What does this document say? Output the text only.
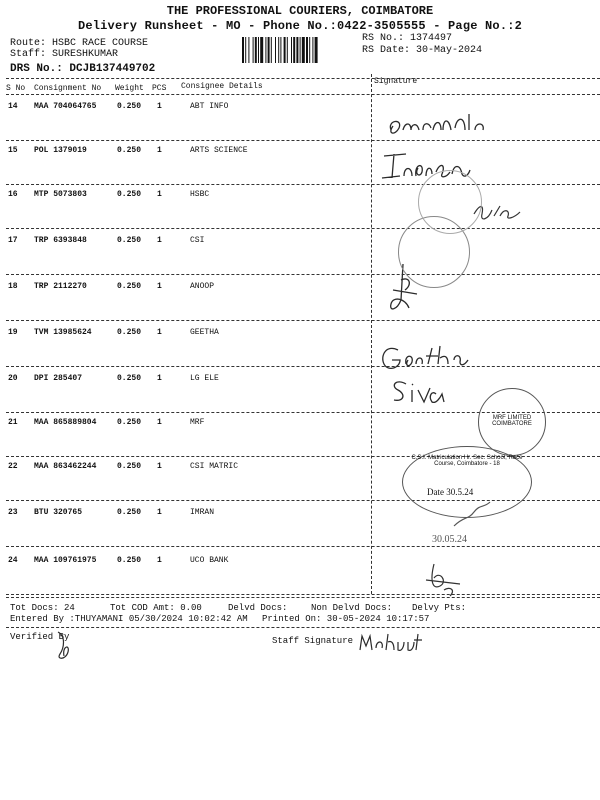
THE PROFESSIONAL COURIERS, COIMBATORE
Delivery Runsheet - MO - Phone No.:0422-3505555 - Page No.:2
Route: HSBC RACE COURSE
Staff: SURESHKUMAR
DRS No.: DCJB137449702
RS No.: 1374497
RS Date: 30-May-2024
S No Consignment No Weight PCS Consignee Details
Signature
14 MAA 704064765	0.250 1	ABT INFO
15 POL 1379019	0.250 1	ARTS SCIENCE
16 MTP 5073803	0.250 1	HSBC
17 TRP 6393848	0.250 1	CSI
18 TRP 2112270	0.250 1	ANOOP
19 TVM 13985624	0.250 1	GEETHA
20 DPI 285407	0.250 1	LG ELE
21 MAA 865889804	0.250 1	MRF
22 MAA 863462244	0.250 1	CSI MATRIC
23 BTU 320765	0.250 1	IMRAN
24 MAA 109761975	0.250 1	UCO BANK
MRF LIMITED COIMBATORE
C.S.I. Matriculation Hr. Sec. School, Race Course, Coimbatore - 18
Date 30.5.24
30.05.24
Tot Docs: 24	Tot COD Amt: 0.00	Delvd Docs:	Non Delvd Docs: Delvy Pts:
Entered By :THUYAMANI 05/30/2024 10:02:42 AM Printed On: 30-05-2024 10:17:57
Verified By	Staff Signature
